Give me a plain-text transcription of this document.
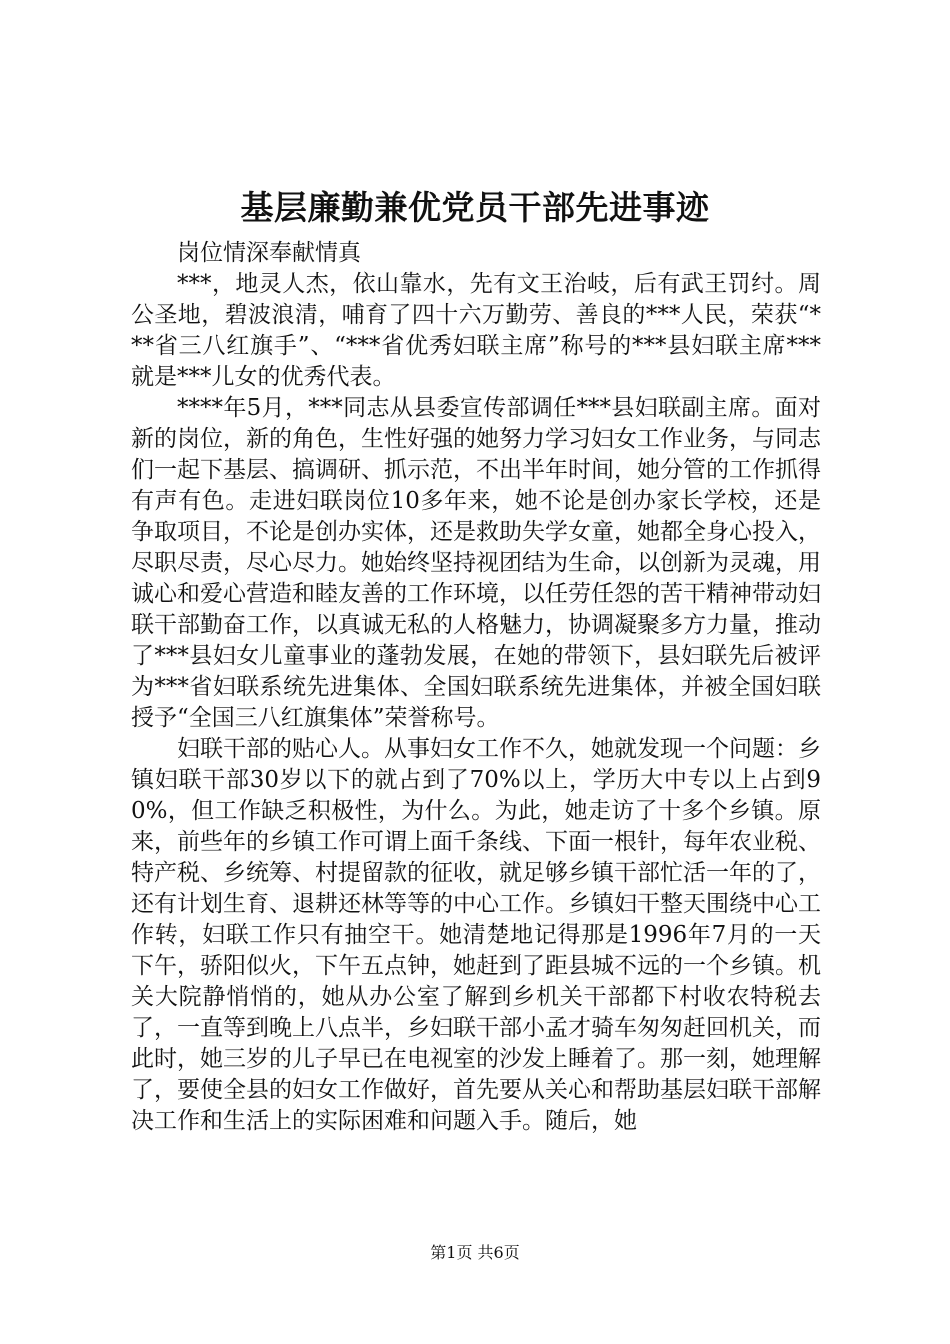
基层廉勤兼优党员干部先进事迹

岗位情深奉献情真

***，地灵人杰，依山靠水，先有文王治岐，后有武王罚纣。周公圣地，碧波浪清，哺育了四十六万勤劳、善良的***人民，荣获“***省三八红旗手”、“***省优秀妇联主席”称号的***县妇联主席***就是***儿女的优秀代表。

****年5月，***同志从县委宣传部调任***县妇联副主席。面对新的岗位，新的角色，生性好强的她努力学习妇女工作业务，与同志们一起下基层、搞调研、抓示范，不出半年时间，她分管的工作抓得有声有色。走进妇联岗位10多年来，她不论是创办家长学校，还是争取项目，不论是创办实体，还是救助失学女童，她都全身心投入，尽职尽责，尽心尽力。她始终坚持视团结为生命，以创新为灵魂，用诚心和爱心营造和睦友善的工作环境，以任劳任怨的苦干精神带动妇联干部勤奋工作，以真诚无私的人格魅力，协调凝聚多方力量，推动了***县妇女儿童事业的蓬勃发展，在她的带领下，县妇联先后被评为***省妇联系统先进集体、全国妇联系统先进集体，并被全国妇联授予“全国三八红旗集体”荣誉称号。

妇联干部的贴心人。从事妇女工作不久，她就发现一个问题：乡镇妇联干部30岁以下的就占到了70%以上，学历大中专以上占到90%，但工作缺乏积极性，为什么。为此，她走访了十多个乡镇。原来，前些年的乡镇工作可谓上面千条线、下面一根针，每年农业税、特产税、乡统筹、村提留款的征收，就足够乡镇干部忙活一年的了，还有计划生育、退耕还林等等的中心工作。乡镇妇干整天围绕中心工作转，妇联工作只有抽空干。她清楚地记得那是1996年7月的一天下午，骄阳似火，下午五点钟，她赶到了距县城不远的一个乡镇。机关大院静悄悄的，她从办公室了解到乡机关干部都下村收农特税去了，一直等到晚上八点半，乡妇联干部小孟才骑车匆匆赶回机关，而此时，她三岁的儿子早已在电视室的沙发上睡着了。那一刻，她理解了，要使全县的妇女工作做好，首先要从关心和帮助基层妇联干部解决工作和生活上的实际困难和问题入手。随后，她

第1页 共6页
